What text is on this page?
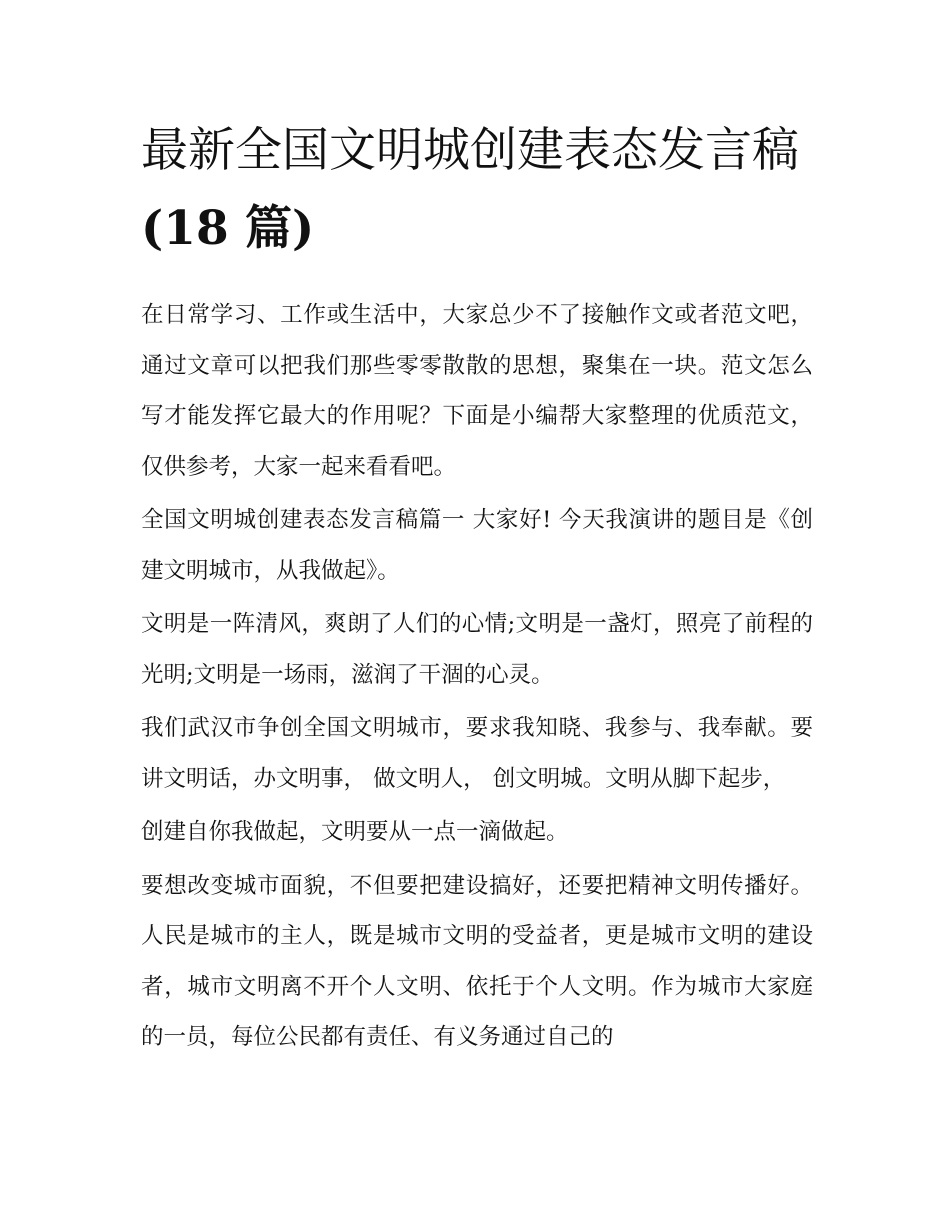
最新全国文明城创建表态发言稿(18 篇)

在日常学习、工作或生活中，大家总少不了接触作文或者范文吧，通过文章可以把我们那些零零散散的思想，聚集在一块。范文怎么写才能发挥它最大的作用呢？下面是小编帮大家整理的优质范文，仅供参考，大家一起来看看吧。

全国文明城创建表态发言稿篇一 大家好! 今天我演讲的题目是《创建文明城市，从我做起》。

文明是一阵清风，爽朗了人们的心情;文明是一盏灯，照亮了前程的光明;文明是一场雨，滋润了干涸的心灵。

我们武汉市争创全国文明城市，要求我知晓、我参与、我奉献。要讲文明话，办文明事， 做文明人， 创文明城。文明从脚下起步，

创建自你我做起，文明要从一点一滴做起。

要想改变城市面貌，不但要把建设搞好，还要把精神文明传播好。人民是城市的主人，既是城市文明的受益者，更是城市文明的建设者，城市文明离不开个人文明、依托于个人文明。作为城市大家庭的一员，每位公民都有责任、有义务通过自己的
